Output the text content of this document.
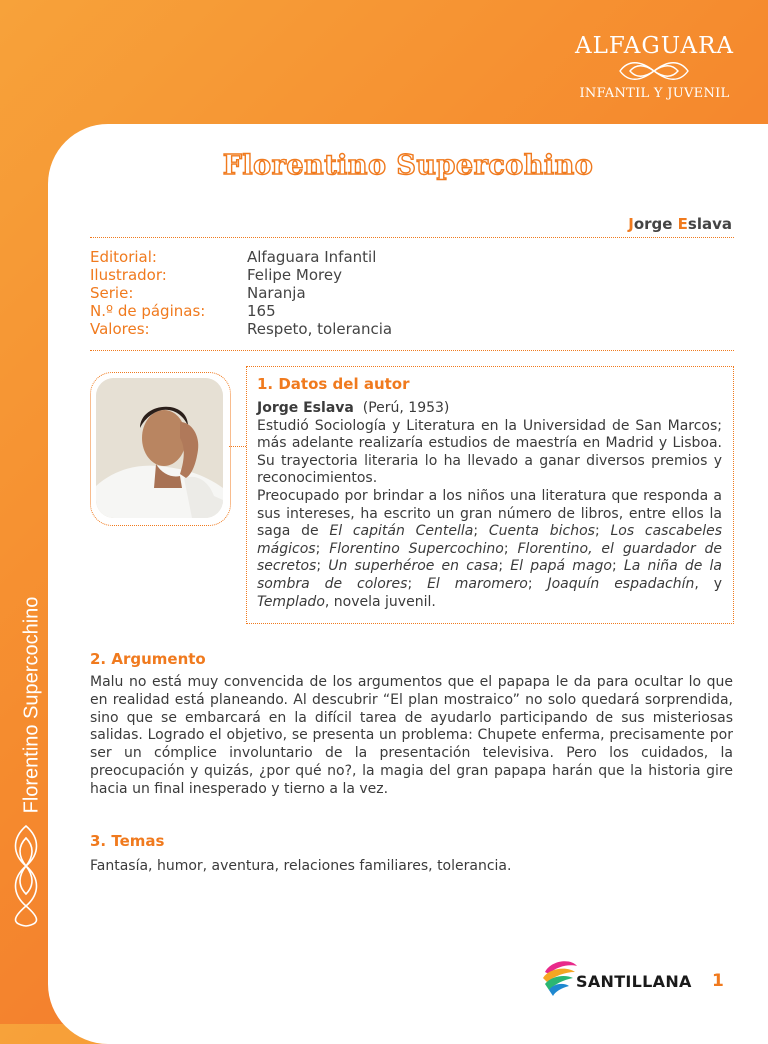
ALFAGUARA
INFANTIL Y JUVENIL
Florentino Supercochino
Florentino Supercohino
Jorge Eslava
Editorial:	Alfaguara Infantil
Ilustrador:	Felipe Morey
Serie:	Naranja
N.º de páginas:	165
Valores:	Respeto, tolerancia
1. Datos del autor
Jorge Eslava (Perú, 1953)
Estudió Sociología y Literatura en la Universidad de San Marcos; más adelante realizaría estudios de maestría en Madrid y Lisboa. Su trayectoria literaria lo ha llevado a ganar diversos premios y reconocimientos.
Preocupado por brindar a los niños una literatura que responda a sus intereses, ha escrito un gran número de libros, entre ellos la saga de El capitán Centella; Cuenta bichos; Los cascabeles mágicos; Florentino Supercochino; Florentino, el guardador de secretos; Un superhéroe en casa; El papá mago; La niña de la sombra de colores; El maromero; Joaquín espadachín, y Templado, novela juvenil.
2. Argumento
Malu no está muy convencida de los argumentos que el papapa le da para ocultar lo que en realidad está planeando. Al descubrir “El plan mostraico” no solo quedará sorprendida, sino que se embarcará en la difícil tarea de ayudarlo participando de sus misteriosas salidas. Logrado el objetivo, se presenta un problema: Chupete enferma, precisamente por ser un cómplice involuntario de la presentación televisiva. Pero los cuidados, la preocupación y quizás, ¿por qué no?, la magia del gran papapa harán que la historia gire hacia un final inesperado y tierno a la vez.
3. Temas
Fantasía, humor, aventura, relaciones familiares, tolerancia.
SANTILLANA 1
